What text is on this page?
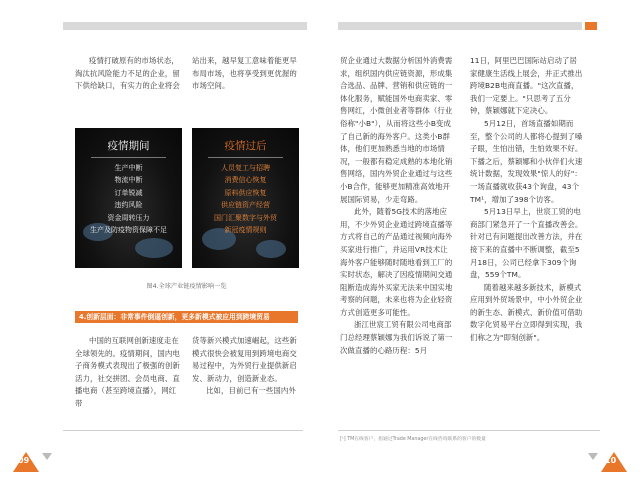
疫情打破原有的市场状态，淘汰抗风险能力不足的企业，留下供给缺口，有实力的企业将会

站出来，越早复工意味着能更早布局市场，也将享受到更优渥的市场空间。

疫情期间
生产中断
物流中断
订单锐减
违约风险
资金周转压力
生产及防疫物资保障不足
疫情过后
人员复工与招聘
消费信心恢复
原料供应恢复
供应链资产经营
国门汇聚数字与外贸
新冠疫情规则
图4.全球产业链疫情影响一览
4.创新层面：非常事件倒逼创新，更多新模式被应用到跨境贸易

中国的互联网创新速度走在全球领先的。疫情期间，国内电子商务模式表现出了极强的创新活力，社交拼团、会员电商、直播电商（甚至跨境直播），网红带

货等新兴模式加速崛起，这些新模式很快会被复用到跨境电商交易过程中，为外贸行业提供新启发、新动力，创造新业态。

比如，目前已有一些国内外

贸企业通过大数据分析国外消费需求，组织国内供应链资源，形成集合选品、品牌、营销和供应链的一体化服务，赋能国外电商卖家、零售网红，小微创业者等群体（行业俗称"小B"），从而将这些小B变成了自己新的海外客户。这类小B群体，他们更加熟悉当地的市场情况，一般都有稳定成熟的本地化销售网络，国内外贸企业通过与这些小B合作，能够更加精准高效地开展国际贸易，少走弯路。

此外，随着5G技术的落地应用，不少外贸企业通过跨境直播等方式将自己的产品通过视频向海外买家进行推广，并运用VR技术让海外客户能够随时随地看到工厂的实时状态，解决了因疫情期间交通阻断造成海外买家无法来中国实地考察的问题，未来也将为企业轻资方式创造更多可能性。

浙江世宸工贸有限公司电商部门总经理蔡颖娜为我们诉说了第一次做直播的心路历程：5月

11日，阿里巴巴国际站启动了居家健康生活线上展会，并正式推出跨境B2B电商直播。"这次直播，我们一定要上。"只思考了五分钟，蔡颖娜就下定决心。

5月12日，首场直播如期而至，整个公司的人都将心提到了嗓子眼，生怕出错，生怕效果不好。下播之后，蔡颖娜和小伙伴们火速统计数据，发现效果"惊人的好"：一场直播就收获43个询盘，43个TM¹，增加了398个访客。

5月13日早上，世宸工贸的电商部门紧急开了一个直播改善会。针对已有问题提出改善方法，并在接下来的直播中不断调整，截至5月18日，公司已经拿下309个询盘，559个TM。

随着越来越多新技术，新模式应用到外贸场景中，中小外贸企业的新生态、新模式、新价值可借助数字化贸易平台立即得到实现，我们称之为"即刻创新"。

[¹] TM在线客户，指通过Trade Manager在线咨询联系的客户的数量
09	10
